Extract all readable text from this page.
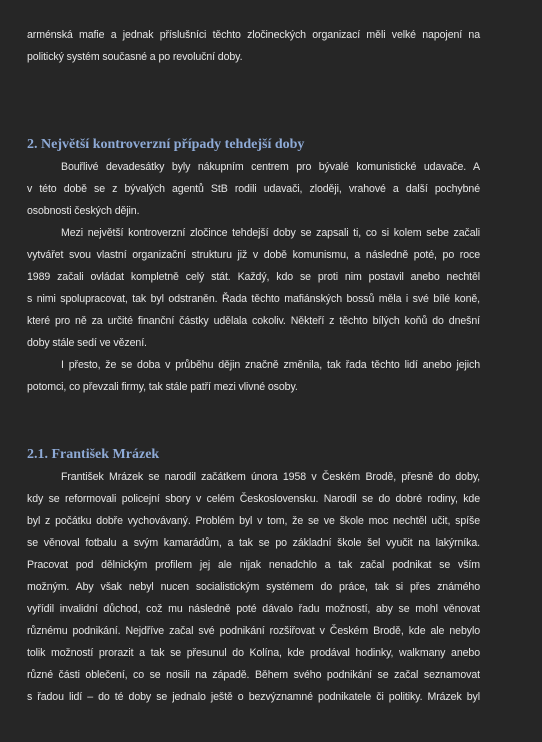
arménská mafie a jednak příslušníci těchto zločineckých organizací měli velké napojení na

politický systém současné a po revoluční doby.

2. Největší kontroverzní případy tehdejší doby

Bouřlivé devadesátky byly nákupním centrem pro bývalé komunistické udavače. A

v této době se z bývalých agentů StB rodili udavači, zloději, vrahové a další pochybné

osobnosti českých dějin.

Mezi největší kontroverzní zločince tehdejší doby se zapsali ti, co si kolem sebe začali

vytvářet svou vlastní organizační strukturu již v době komunismu, a následně poté, po roce

1989 začali ovládat kompletně celý stát. Každý, kdo se proti nim postavil anebo nechtěl

s nimi spolupracovat, tak byl odstraněn. Řada těchto mafiánských bossů měla i své bílé koně,

které pro ně za určité finanční částky udělala cokoliv. Někteří z těchto bílých koňů do dnešní

doby stále sedí ve vězení.

I přesto, že se doba v průběhu dějin značně změnila, tak řada těchto lidí anebo jejich

potomci, co převzali firmy, tak stále patří mezi vlivné osoby.

2.1. František Mrázek

František Mrázek se narodil začátkem února 1958 v Českém Brodě, přesně do doby,

kdy se reformovali policejní sbory v celém Československu. Narodil se do dobré rodiny, kde

byl z počátku dobře vychovávaný. Problém byl v tom, že se ve škole moc nechtěl učit, spíše

se věnoval fotbalu a svým kamarádům, a tak se po základní škole šel vyučit na lakýrníka.

Pracovat pod dělnickým profilem jej ale nijak nenadchlo a tak začal podnikat se vším

možným. Aby však nebyl nucen socialistickým systémem do práce, tak si přes známého

vyřídil invalidní důchod, což mu následně poté dávalo řadu možností, aby se mohl věnovat

různému podnikání. Nejdříve začal své podnikání rozšiřovat v Českém Brodě, kde ale nebylo

tolik možností prorazit a tak se přesunul do Kolína, kde prodával hodinky, walkmany anebo

různé části oblečení, co se nosili na západě. Během svého podnikání se začal seznamovat

s řadou lidí – do té doby se jednalo ještě o bezvýznamné podnikatele či politiky. Mrázek byl
